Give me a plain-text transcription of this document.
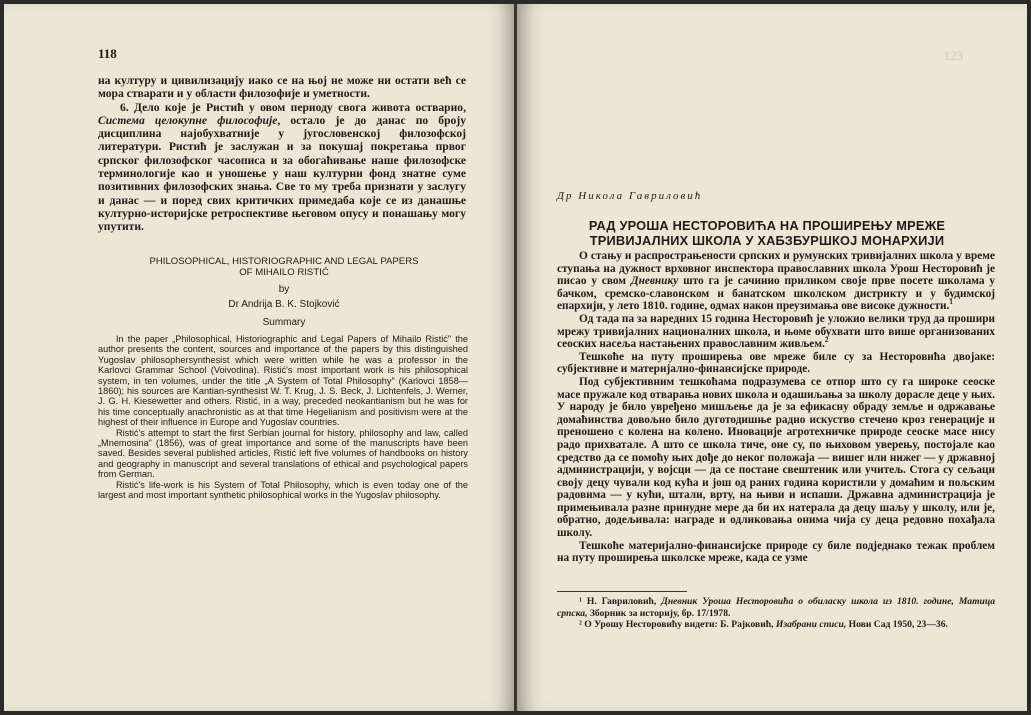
118

на културу и цивилизацију иако се на њој не може ни остати већ се мора стварати и у области филозофије и уметности.

6. Дело које је Ристић у овом периоду свога живота остварио, Система целокупне философије, остало је до данас по броју дисциплина најобухватније у југословенској филозофској литератури. Ристић је заслужан и за покушај покретања првог српског филозофског часописа и за обогаћивање наше филозофске терминологије као и уношење у наш културни фонд знатне суме позитивних филозофских знања. Све то му треба признати у заслугу и данас — и поред свих критичких примедаба које се из данашње културно-историјске ретроспективе његовом опусу и понашању могу упутити.

PHILOSOPHICAL, HISTORIOGRAPHIC AND LEGAL PAPERS
OF MIHAILO RISTIĆ
by
Dr Andrija B. K. Stojković
Summary

In the paper „Philosophical, Historiographic and Legal Papers of Mihailo Ristić" the author presents the content, sources and importance of the papers by this distinguished Yugoslav philosophersynthesist which were written while he was a professor in the Karlovci Grammar School (Voivodina). Ristić's most important work is his philosophical system, in ten volumes, under the title „A System of Total Philosophy" (Karlovci 1858—1860); his sources are Kantian-synthesist W. T. Krug, J. S. Beck, J. Lichtenfels, J. Werner, J. G. H. Kiesewetter and others. Ristić, in a way, preceded neokantianism but he was for his time conceptually anachronistic as at that time Hegelianism and positivism were at the highest of their influence in Europe and Yugoslav countries.

Ristić's attempt to start the first Serbian journal for history, philosophy and law, called „Mnemosina" (1856), was of great importance and some of the manuscripts have been saved. Besides several published articles, Ristić left five volumes of handbooks on history and geography in manuscript and several translations of ethical and psychological papers from German.

Ristić's life-work is his System of Total Philosophy, which is even today one of the largest and most important synthetic philosophical works in the Yugoslav philosophy.

123
Др Никола Гавриловић
РАД УРОША НЕСТОРОВИЋА НА ПРОШИРЕЊУ МРЕЖЕ
ТРИВИЈАЛНИХ ШКОЛА У ХАБЗБУРШКОЈ МОНАРХИЈИ

О стању и распрострањености српских и румунских тривијалних школа у време ступања на дужност врховног инспектора православних школа Урош Несторовић је писао у свом Дневнику што га је сачинио приликом своје прве посете школама у бачком, сремско-славонском и банатском школском дистрикту и у будимској епархији, у лето 1810. године, одмах након преузимања ове високе дужности.$^1$

Од тада па за наредних 15 година Несторовић је уложио велики труд да прошири мрежу тривијалних националних школа, и њоме обухвати што више организованих сеоских насеља настањених православним живљем.$^2$

Тешкоће на путу проширења ове мреже биле су за Несторовића двојаке: субјективне и материјално-финансијске природе.

Под субјективним тешкоћама подразумева се отпор што су га широке сеоске масе пружале код отварања нових школа и одашиљања за школу дорасле деце у њих. У народу је било увређено мишљење да је за ефикасну обраду земље и одржавање домаћинства довољно било дуготодишње радно искуство стечено кроз генерације и преношено с колена на колено. Иновације агротехничке природе сеоске масе нису радо прихватале. А што се школа тиче, оне су, по њиховом уверењу, постојале као средство да се помоћу њих дође до неког положаја — вишег или нижег — у државној администрацији, у војсци — да се постане свештеник или учитељ. Стога су сељаци своју децу чували код кућа и још од раних година користили у домаћим и пољским радовима — у кући, штали, врту, на њиви и испаши. Државна администрација је примењивала разне принудне мере да би их натерала да децу шаљу у школу, или је, обратно, додељивала: награде и одликовања онима чија су деца редовно похађала школу.

Тешкоће материјално-финансијске природе су биле подједнако тежак проблем на путу проширења школске мреже, када се узме

¹ Н. Гавриловић, Дневник Уроша Несторовића о обиласку школа из 1810. године, Матица српска, Зборник за историју, бр. 17/1978.

² О Урошу Несторовићу видети: Б. Рајковић, Изабрани списи, Нови Сад 1950, 23—36.
